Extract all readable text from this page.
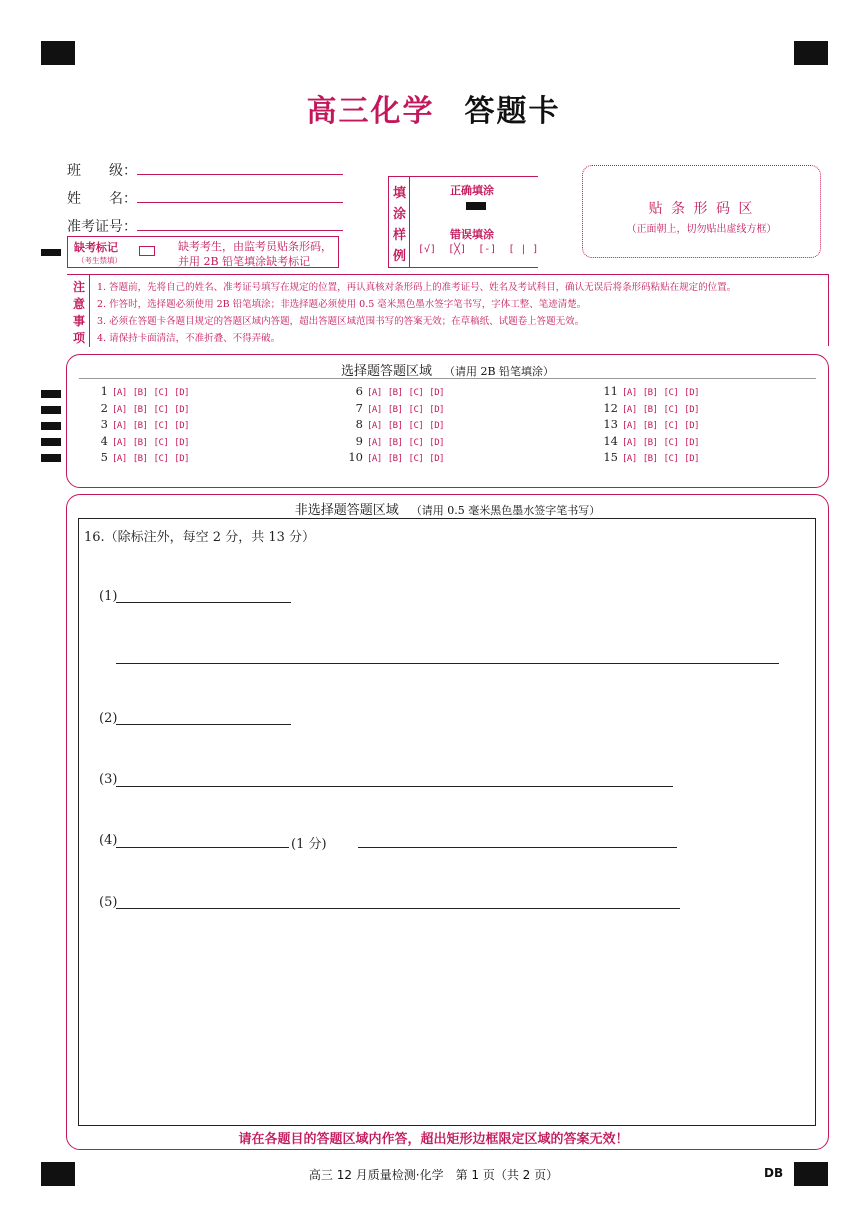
高三化学 答题卡
班　　级：
姓　　名：
准考证号：
缺考标记
（考生禁填）
缺考考生，由监考员贴条形码，
并用 2B 铅笔填涂缺考标记
填
涂
样
例
正确填涂
错误填涂
[√] [╳] [-] [ | ]
贴 条 形 码 区
（正面朝上，切勿贴出虚线方框）
注
意
事
项
1. 答题前，先将自己的姓名、准考证号填写在规定的位置，再认真核对条形码上的准考证号、姓名及考试科目，确认无误后将条形码粘贴在规定的位置。
2. 作答时，选择题必须使用 2B 铅笔填涂；非选择题必须使用 0.5 毫米黑色墨水签字笔书写，字体工整、笔迹清楚。
3. 必须在答题卡各题目规定的答题区域内答题，超出答题区域范围书写的答案无效；在草稿纸、试题卷上答题无效。
4. 请保持卡面清洁，不准折叠、不得弄破。
选择题答题区域 （请用 2B 铅笔填涂）
1 [A] [B] [C] [D]
2 [A] [B] [C] [D]
3 [A] [B] [C] [D]
4 [A] [B] [C] [D]
5 [A] [B] [C] [D]
6 [A] [B] [C] [D]
7 [A] [B] [C] [D]
8 [A] [B] [C] [D]
9 [A] [B] [C] [D]
10 [A] [B] [C] [D]
11 [A] [B] [C] [D]
12 [A] [B] [C] [D]
13 [A] [B] [C] [D]
14 [A] [B] [C] [D]
15 [A] [B] [C] [D]
非选择题答题区域 （请用 0.5 毫米黑色墨水签字笔书写）
16.（除标注外，每空 2 分，共 13 分）
(1)
(2)
(3)
(4)	(1 分)
(5)
请在各题目的答题区域内作答，超出矩形边框限定区域的答案无效！
高三 12 月质量检测·化学　第 1 页（共 2 页）	DB
